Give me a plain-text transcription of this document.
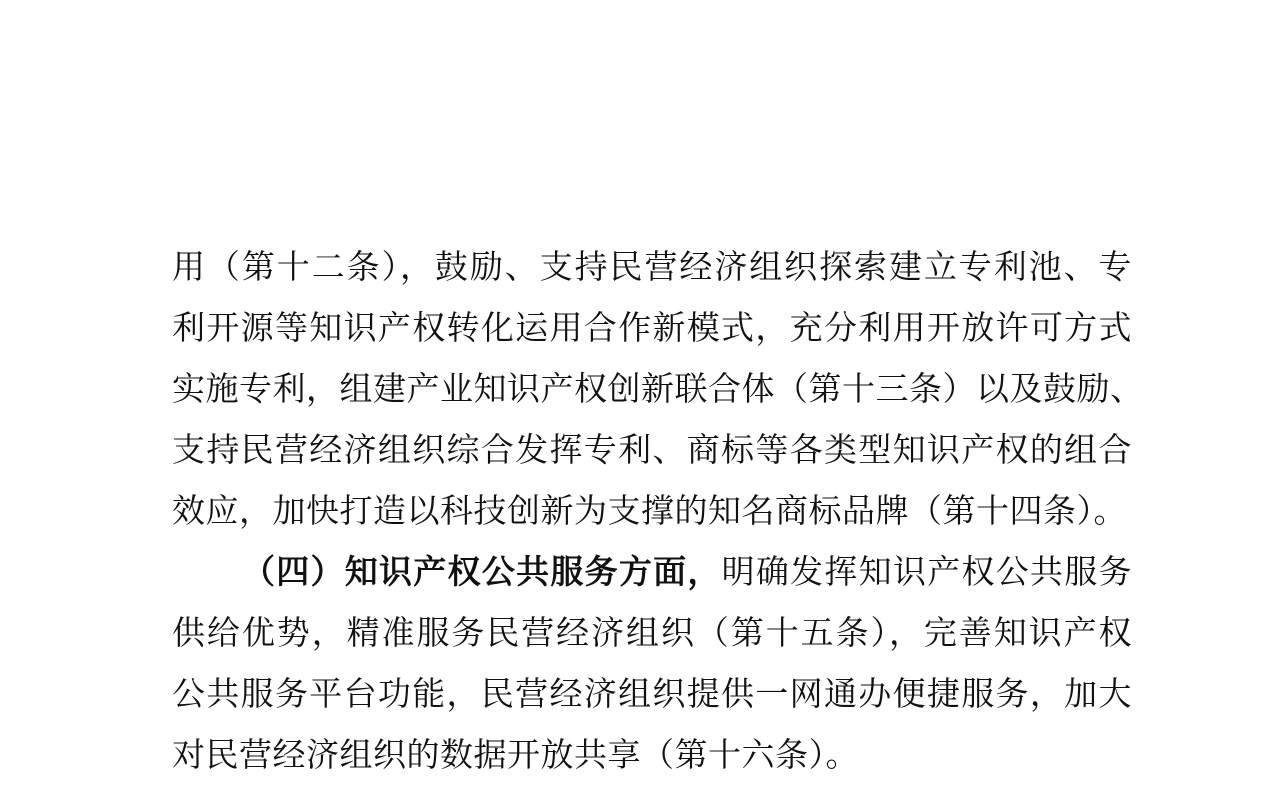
用（第十二条），鼓励、支持民营经济组织探索建立专利池、专
利开源等知识产权转化运用合作新模式，充分利用开放许可方式
实施专利，组建产业知识产权创新联合体（第十三条）以及鼓励、
支持民营经济组织综合发挥专利、商标等各类型知识产权的组合
效应，加快打造以科技创新为支撑的知名商标品牌（第十四条）。
（四）知识产权公共服务方面，明确发挥知识产权公共服务
供给优势，精准服务民营经济组织（第十五条），完善知识产权
公共服务平台功能，民营经济组织提供一网通办便捷服务，加大
对民营经济组织的数据开放共享（第十六条）。
